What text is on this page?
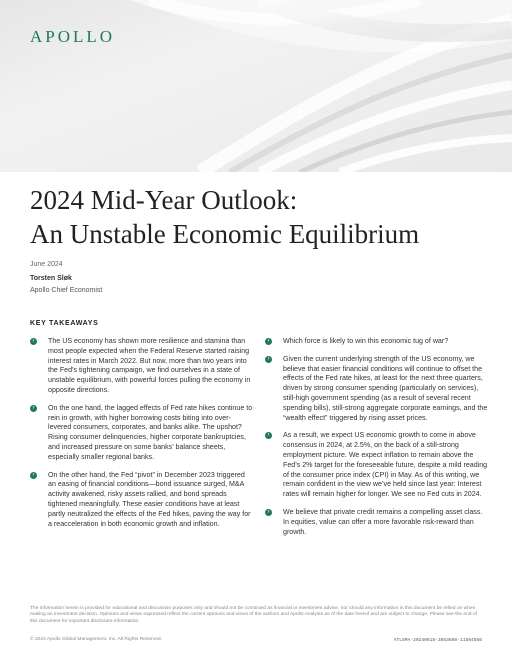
APOLLO
2024 Mid-Year Outlook:
An Unstable Economic Equilibrium
June 2024
Torsten Sløk
Apollo Chief Economist
KEY TAKEAWAYS
›	The US economy has shown more resilience and stamina than most people expected when the Federal Reserve started raising interest rates in March 2022. But now, more than two years into the Fed’s tightening campaign, we find ourselves in a state of unstable equilibrium, with powerful forces pulling the economy in opposite directions.
›	On the one hand, the lagged effects of Fed rate hikes continue to rein in growth, with higher borrowing costs biting into over-levered consumers, corporates, and banks alike. The upshot? Rising consumer delinquencies, higher corporate bankruptcies, and increased pressure on some banks’ balance sheets, especially smaller regional banks.
›	On the other hand, the Fed “pivot” in December 2023 triggered an easing of financial conditions—bond issuance surged, M&A activity awakened, risky assets rallied, and bond spreads tightened meaningfully. These easier conditions have at least partly neutralized the effects of the Fed hikes, paving the way for a reacceleration in both economic growth and inflation.
›	Which force is likely to win this economic tug of war?
›	Given the current underlying strength of the US economy, we believe that easier financial conditions will continue to offset the effects of the Fed rate hikes, at least for the next three quarters, driven by strong consumer spending (particularly on services), still-high government spending (as a result of several recent spending bills), still-strong aggregate corporate earnings, and the “wealth effect” triggered by rising asset prices.
›	As a result, we expect US economic growth to come in above consensus in 2024, at 2.5%, on the back of a still-strong employment picture. We expect inflation to remain above the Fed’s 2% target for the foreseeable future, despite a mild reading of the consumer price index (CPI) in May. As of this writing, we remain confident in the view we’ve held since last year: Interest rates will remain higher for longer. We see no Fed cuts in 2024.
›	We believe that private credit remains a compelling asset class. In equities, value can offer a more favorable risk-reward than growth.
The information herein is provided for educational and discussion purposes only and should not be construed as financial or investment advice, nor should any information in this document be relied on when making an investment decision. Opinions and views expressed reflect the current opinions and views of the authors and Apollo Analysts as of the date hereof and are subject to change. Please see the end of this document for important disclosure information.
© 2024 Apollo Global Management, Inc. All Rights Reserved.	ATLSMA-20240618-3653680-11594556
